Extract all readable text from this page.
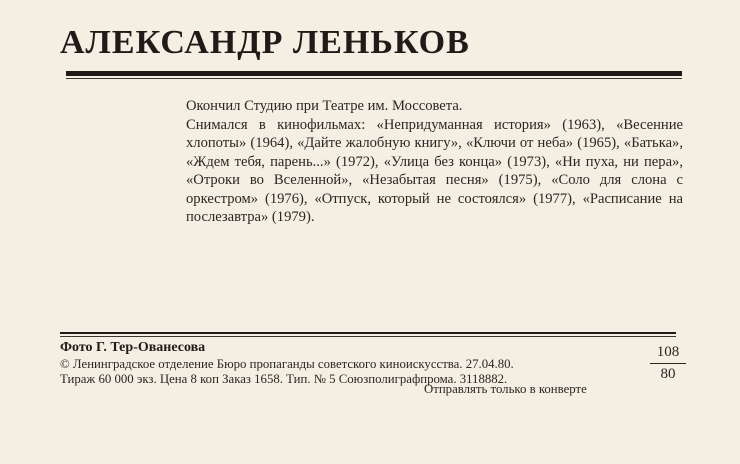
АЛЕКСАНДР ЛЕНЬКОВ

Окончил Студию при Театре им. Моссовета.

Снимался в кинофильмах: «Непридуманная история» (1963), «Весенние хлопоты» (1964), «Дайте жалобную книгу», «Ключи от неба» (1965), «Батька», «Ждем тебя, парень...» (1972), «Улица без конца» (1973), «Ни пуха, ни пера», «Отроки во Вселенной», «Незабытая песня» (1975), «Соло для слона с оркестром» (1976), «Отпуск, который не состоялся» (1977), «Расписание на послезавтра» (1979).

Фото Г. Тер-Ованесова
© Ленинградское отделение Бюро пропаганды советского киноискусства. 27.04.80.
Тираж 60 000 экз. Цена 8 коп Заказ 1658. Тип. № 5 Союзполиграфпрома. 3118882.
Отправлять только в конверте
108
80
